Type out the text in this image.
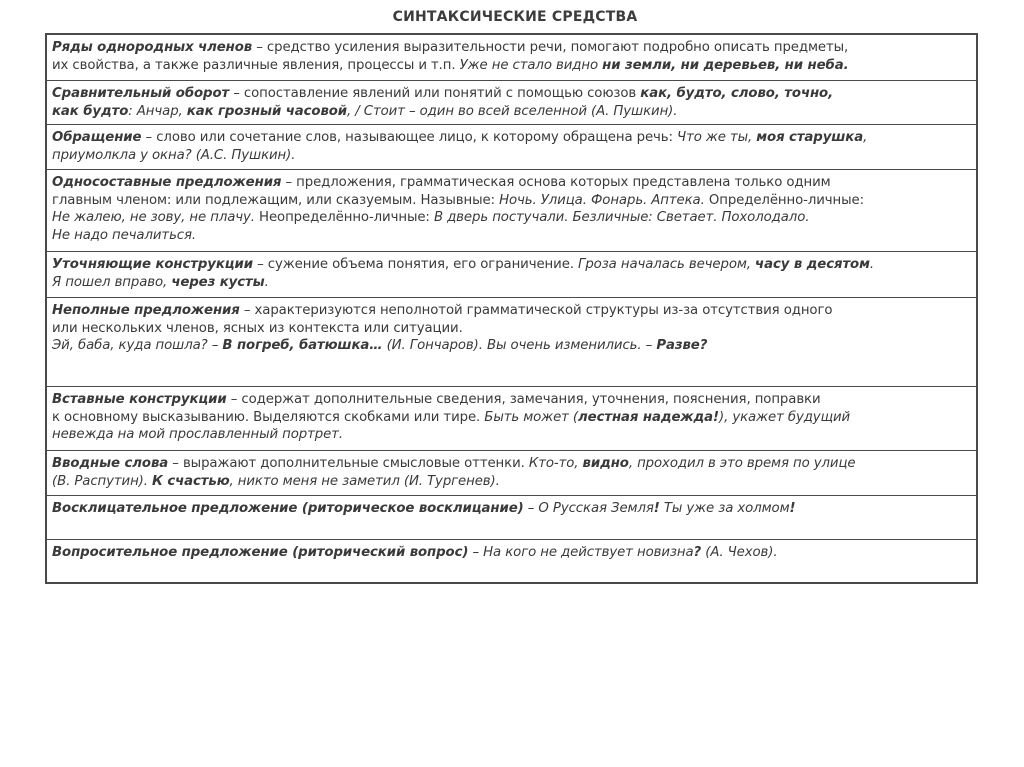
СИНТАКСИЧЕСКИЕ СРЕДСТВА
Ряды однородных членов – средство усиления выразительности речи, помогают подробно описать предметы,
их свойства, а также различные явления, процессы и т.п. Уже не стало видно ни земли, ни деревьев, ни неба.
Сравнительный оборот – сопоставление явлений или понятий с помощью союзов как, будто, слово, точно,
как будто: Анчар, как грозный часовой, / Стоит – один во всей вселенной (А. Пушкин).
Обращение – слово или сочетание слов, называющее лицо, к которому обращена речь: Что же ты, моя старушка,
приумолкла у окна? (А.С. Пушкин).
Односоставные предложения – предложения, грамматическая основа которых представлена только одним
главным членом: или подлежащим, или сказуемым. Назывные: Ночь. Улица. Фонарь. Аптека. Определённо-личные:
Не жалею, не зову, не плачу. Неопределённо-личные: В дверь постучали. Безличные: Светает. Похолодало.
Не надо печалиться.
Уточняющие конструкции – сужение объема понятия, его ограничение. Гроза началась вечером, часу в десятом.
Я пошел вправо, через кусты.
Неполные предложения – характеризуются неполнотой грамматической структуры из-за отсутствия одного
или нескольких членов, ясных из контекста или ситуации.
Эй, баба, куда пошла? – В погреб, батюшка… (И. Гончаров). Вы очень изменились. – Разве?
Вставные конструкции – содержат дополнительные сведения, замечания, уточнения, пояснения, поправки
к основному высказыванию. Выделяются скобками или тире. Быть может (лестная надежда!), укажет будущий
невежда на мой прославленный портрет.
Вводные слова – выражают дополнительные смысловые оттенки. Кто-то, видно, проходил в это время по улице
(В. Распутин). К счастью, никто меня не заметил (И. Тургенев).
Восклицательное предложение (риторическое восклицание) – О Русская Земля! Ты уже за холмом!
Вопросительное предложение (риторический вопрос) – На кого не действует новизна? (А. Чехов).
